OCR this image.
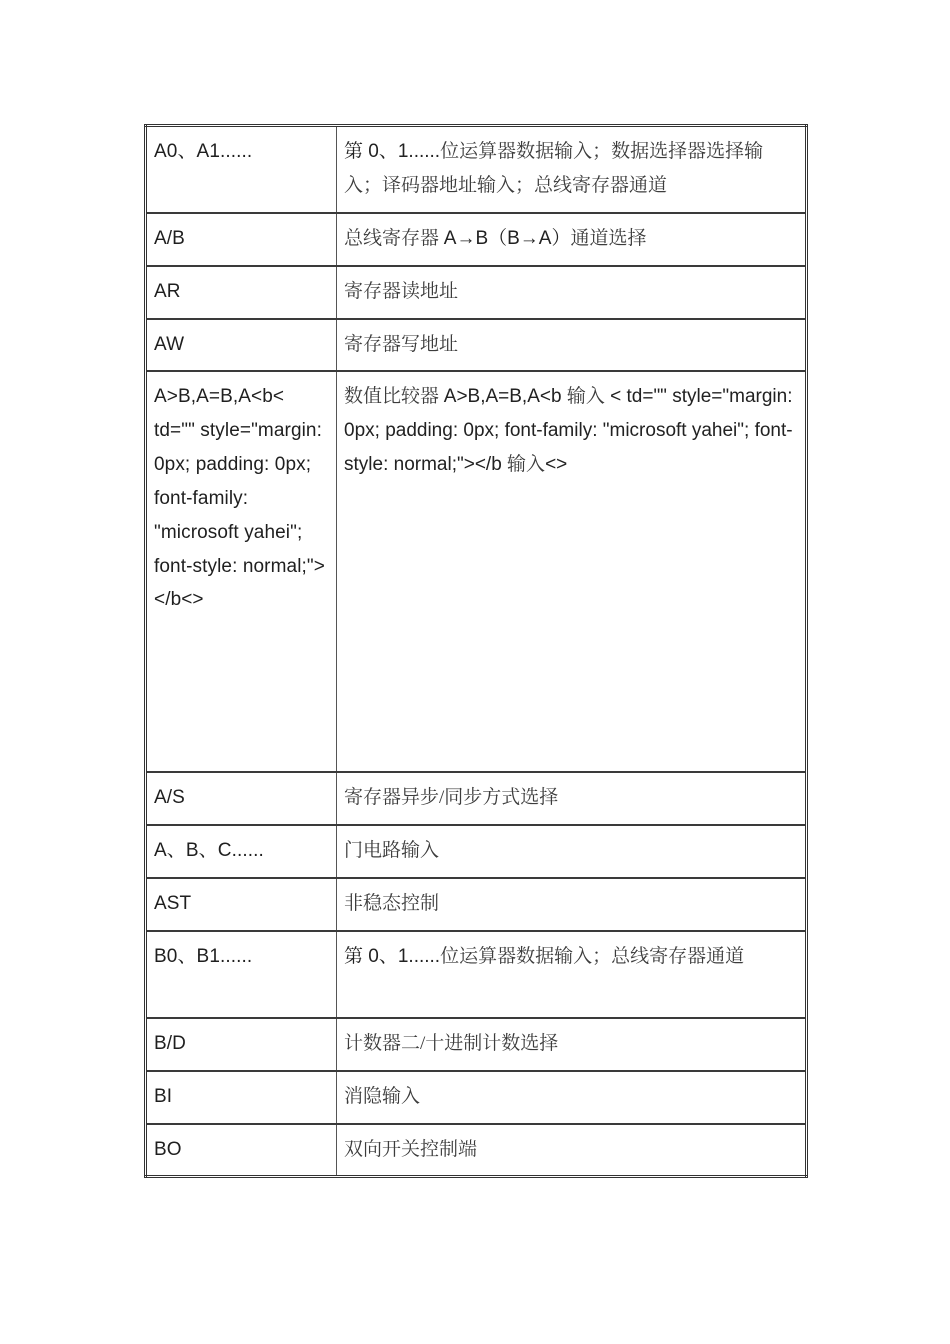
A0、A1......	第 0、1......位运算器数据输入；数据选择器选择输入；译码器地址输入；总线寄存器通道
A/B	总线寄存器 A→B（B→A）通道选择
AR	寄存器读地址
AW	寄存器写地址
A>B,A=B,A<b< td="" style="margin: 0px; padding: 0px; font-family: "microsoft yahei"; font-style: normal;"></b<>	数值比较器 A>B,A=B,A<b 输入 < td="" style="margin: 0px; padding: 0px; font-family: "microsoft yahei"; font-style: normal;"></b 输入<>
A/S	寄存器异步/同步方式选择
A、B、C......	门电路输入
AST	非稳态控制
B0、B1......	第 0、1......位运算器数据输入；总线寄存器通道
B/D	计数器二/十进制计数选择
BI	消隐输入
BO	双向开关控制端
